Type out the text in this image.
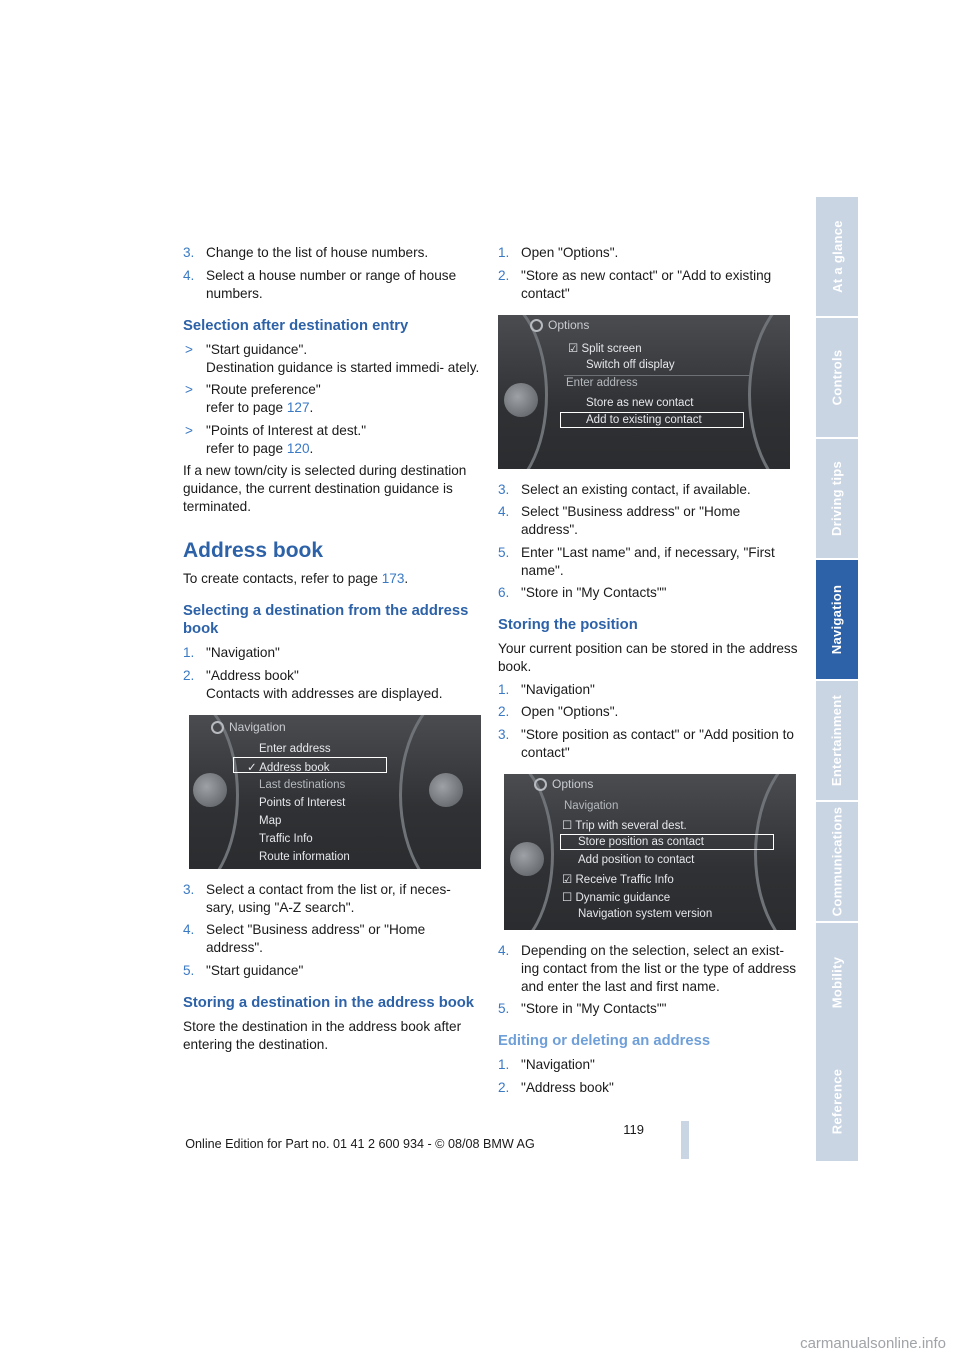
At a glance
Controls
Driving tips
Navigation
Entertainment
Communications
Mobility
Reference
3. Change to the list of house numbers.
4. Select a house number or range of house numbers.
Selection after destination entry
> "Start guidance".
Destination guidance is started immedi- ately.
> "Route preference"
refer to page 127.
> "Points of Interest at dest."
refer to page 120.
If a new town/city is selected during destination guidance, the current destination guidance is terminated.
Address book
To create contacts, refer to page 173.
Selecting a destination from the address book
1. "Navigation"
2. "Address book"
Contacts with addresses are displayed.
Navigation
Enter address
✓ Address book
Last destinations
Points of Interest
Map
Traffic Info
Route information
3. Select a contact from the list or, if neces- sary, using "A-Z search".
4. Select "Business address" or "Home address".
5. "Start guidance"
Storing a destination in the address book
Store the destination in the address book after entering the destination.
1. Open "Options".
2. "Store as new contact" or "Add to existing contact"
Options
☑ Split screen
Switch off display
Enter address
Store as new contact
Add to existing contact
3. Select an existing contact, if available.
4. Select "Business address" or "Home address".
5. Enter "Last name" and, if necessary, "First name".
6. "Store in "My Contacts""
Storing the position
Your current position can be stored in the address book.
1. "Navigation"
2. Open "Options".
3. "Store position as contact" or "Add position to contact"
Options
Navigation
☐ Trip with several dest.
Store position as contact
Add position to contact
☑ Receive Traffic Info
☐ Dynamic guidance
Navigation system version
4. Depending on the selection, select an exist- ing contact from the list or the type of address and enter the last and first name.
5. "Store in "My Contacts""
Editing or deleting an address
1. "Navigation"
2. "Address book"
119
Online Edition for Part no. 01 41 2 600 934 - © 08/08 BMW AG
carmanualsonline.info
